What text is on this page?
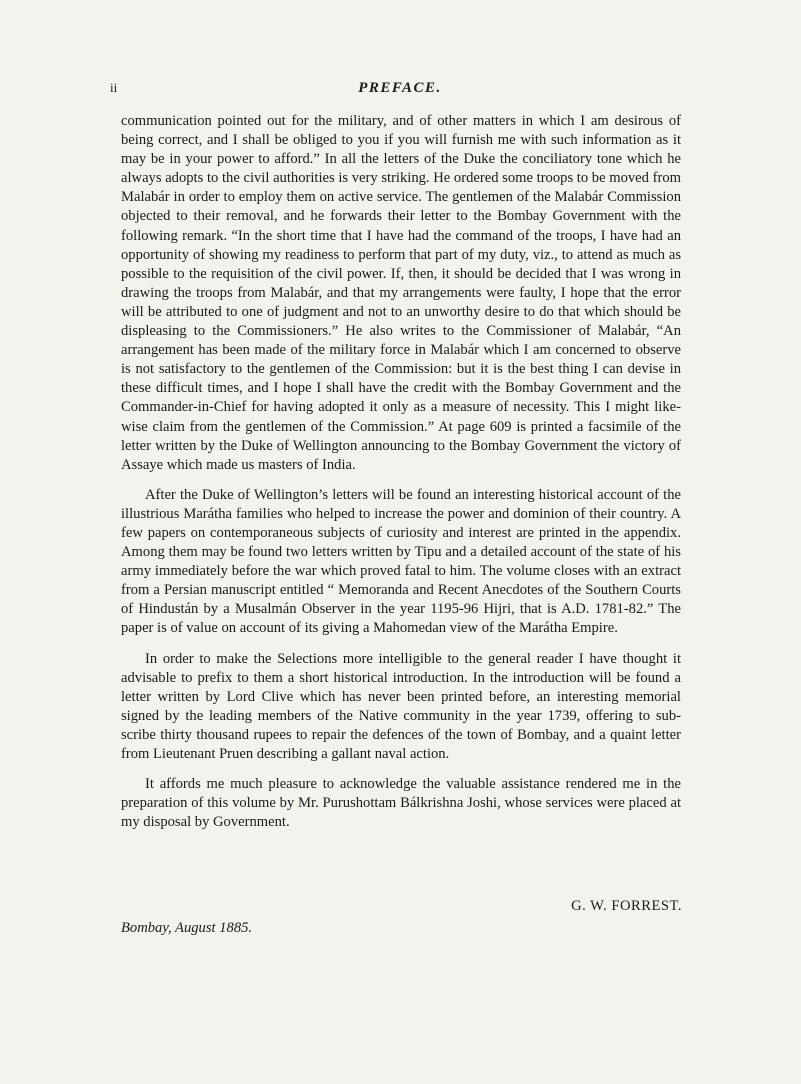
ii	PREFACE.

communication pointed out for the military, and of other matters in which I am desirous of being correct, and I shall be obliged to you if you will furnish me with such information as it may be in your power to afford.” In all the letters of the Duke the conciliatory tone which he always adopts to the civil authorities is very striking. He ordered some troops to be moved from Malabár in order to employ them on active service. The gentlemen of the Malabár Commission objected to their removal, and he forwards their letter to the Bombay Government with the following remark. “In the short time that I have had the command of the troops, I have had an opportunity of showing my readiness to perform that part of my duty, viz., to attend as much as possible to the requisition of the civil power. If, then, it should be decided that I was wrong in drawing the troops from Malabár, and that my arrangements were faulty, I hope that the error will be attributed to one of judgment and not to an unworthy desire to do that which should be displeasing to the Commissioners.” He also writes to the Commissioner of Malabár, “An arrangement has been made of the military force in Malabár which I am concerned to observe is not satisfactory to the gentlemen of the Commission: but it is the best thing I can devise in these difficult times, and I hope I shall have the credit with the Bombay Government and the Commander-in-Chief for having adopted it only as a measure of necessity. This I might like-wise claim from the gentlemen of the Commission.” At page 609 is printed a facsimile of the letter written by the Duke of Wellington announcing to the Bombay Government the victory of Assaye which made us masters of India.

After the Duke of Wellington’s letters will be found an interesting historical account of the illustrious Marátha families who helped to increase the power and dominion of their country. A few papers on contemporaneous subjects of curiosity and interest are printed in the appendix. Among them may be found two letters written by Tipu and a detailed account of the state of his army immediately before the war which proved fatal to him. The volume closes with an extract from a Persian manuscript entitled “ Memoranda and Recent Anecdotes of the Southern Courts of Hindustán by a Musalmán Observer in the year 1195-96 Hijri, that is A.D. 1781-82.” The paper is of value on account of its giving a Mahomedan view of the Marátha Empire.

In order to make the Selections more intelligible to the general reader I have thought it advisable to prefix to them a short historical introduction. In the introduction will be found a letter written by Lord Clive which has never been printed before, an interesting memorial signed by the leading members of the Native community in the year 1739, offering to sub-scribe thirty thousand rupees to repair the defences of the town of Bombay, and a quaint letter from Lieutenant Pruen describing a gallant naval action.

It affords me much pleasure to acknowledge the valuable assistance rendered me in the preparation of this volume by Mr. Purushottam Bálkrishna Joshi, whose services were placed at my disposal by Government.

G. W. FORREST.
Bombay, August 1885.
